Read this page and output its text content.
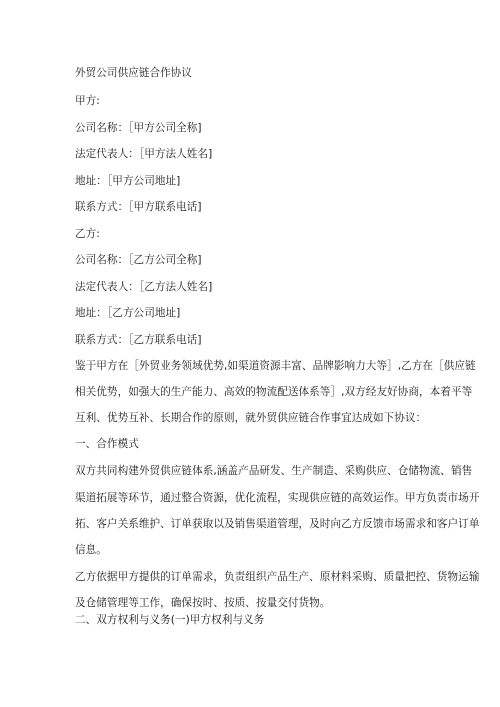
外贸公司供应链合作协议
甲方:
公司名称：［甲方公司全称]
法定代表人：［甲方法人姓名]
地址：［甲方公司地址]
联系方式：［甲方联系电话]
乙方:
公司名称：［乙方公司全称]
法定代表人：［乙方法人姓名]
地址：［乙方公司地址]
联系方式：［乙方联系电话]
鉴于甲方在［外贸业务领域优势,如渠道资源丰富、品牌影响力大等］,乙方在［供应链
相关优势，如强大的生产能力、高效的物流配送体系等］,双方经友好协商，本着平等
互利、优势互补、长期合作的原则，就外贸供应链合作事宜达成如下协议：
一、合作模式
双方共同构建外贸供应链体系,涵盖产品研发、生产制造、采购供应、仓储物流、销售
渠道拓展等环节，通过整合资源，优化流程，实现供应链的高效运作。甲方负责市场开
拓、客户关系维护、订单获取以及销售渠道管理，及时向乙方反馈市场需求和客户订单
信息。
乙方依据甲方提供的订单需求，负责组织产品生产、原材料采购、质量把控、货物运输
及仓储管理等工作，确保按时、按质、按量交付货物。
二、双方权利与义务(一)甲方权利与义务
